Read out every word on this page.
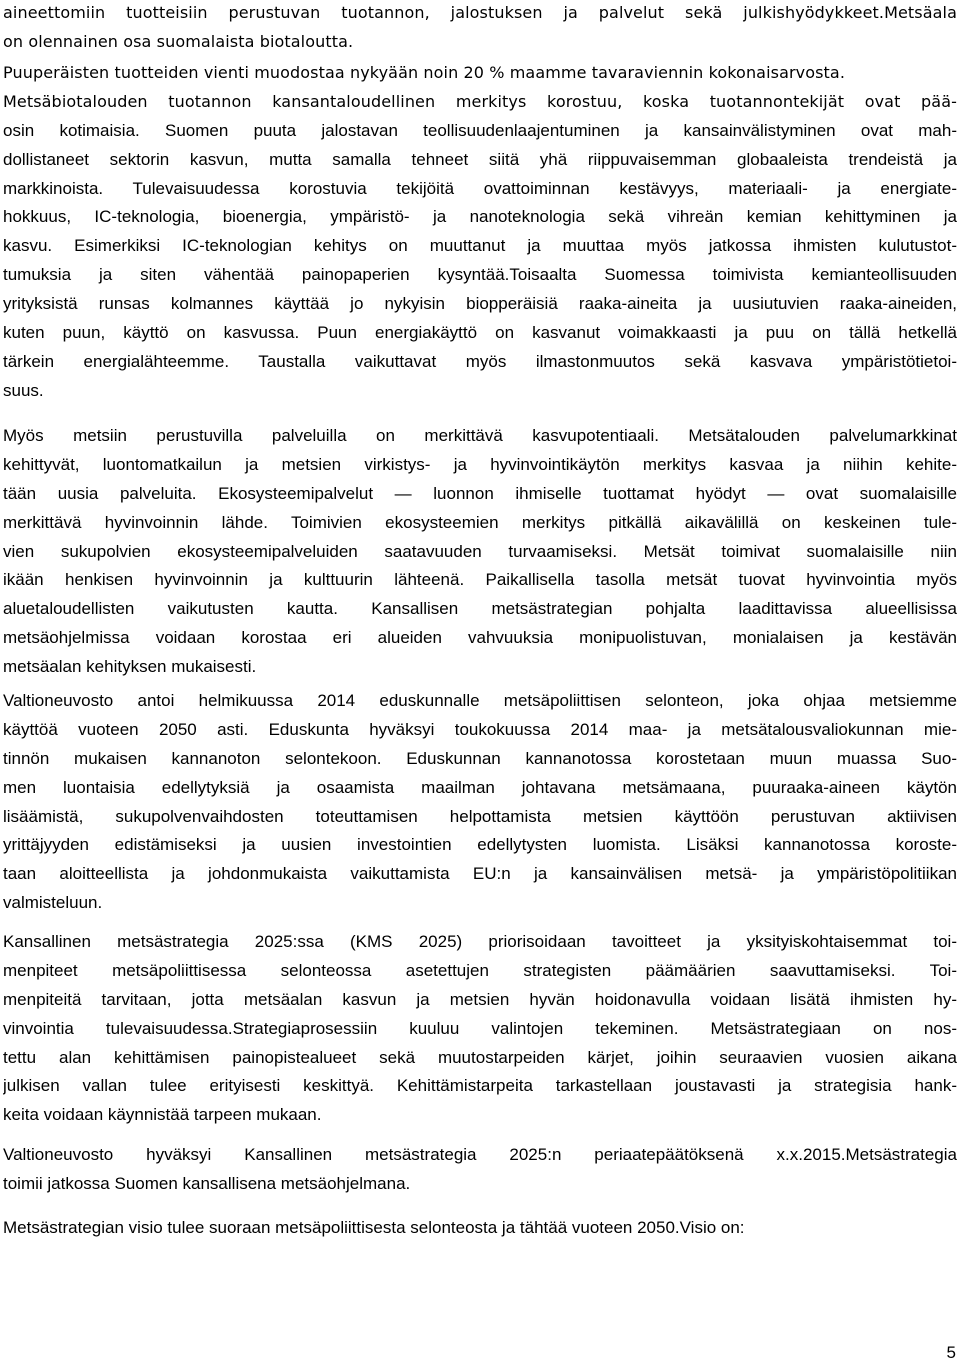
aineettomiin tuotteisiin perustuvan tuotannon, jalostuksen ja palvelut sekä julkishyödykkeet.Metsäala
on olennainen osa suomalaista biotaloutta.
Puuperäisten tuotteiden vienti muodostaa nykyään noin 20 % maamme tavaraviennin kokonaisarvosta.
Metsäbiotalouden tuotannon kansantaloudellinen merkitys korostuu, koska tuotannontekijät ovat pää-
osin kotimaisia. Suomen puuta jalostavan teollisuudenlaajentuminen ja kansainvälistyminen ovat mah-
dollistaneet sektorin kasvun, mutta samalla tehneet siitä yhä riippuvaisemman globaaleista trendeistä ja
markkinoista. Tulevaisuudessa korostuvia tekijöitä ovattoiminnan kestävyys, materiaali- ja energiate-
hokkuus, IC-teknologia, bioenergia, ympäristö- ja nanoteknologia sekä vihreän kemian kehittyminen ja
kasvu. Esimerkiksi IC-teknologian kehitys on muuttanut ja muuttaa myös jatkossa ihmisten kulutustot-
tumuksia ja siten vähentää painopaperien kysyntää.Toisaalta Suomessa toimivista kemianteollisuuden
yrityksistä runsas kolmannes käyttää jo nykyisin biopperäisiä raaka-aineita ja uusiutuvien raaka-aineiden,
kuten puun, käyttö on kasvussa. Puun energiakäyttö on kasvanut voimakkaasti ja puu on tällä hetkellä
tärkein energialähteemme. Taustalla vaikuttavat myös ilmastonmuutos sekä kasvava ympäristötietoi-
suus.
Myös metsiin perustuvilla palveluilla on merkittävä kasvupotentiaali. Metsätalouden palvelumarkkinat
kehittyvät, luontomatkailun ja metsien virkistys- ja hyvinvointikäytön merkitys kasvaa ja niihin kehite-
tään uusia palveluita. Ekosysteemipalvelut — luonnon ihmiselle tuottamat hyödyt — ovat suomalaisille
merkittävä hyvinvoinnin lähde. Toimivien ekosysteemien merkitys pitkällä aikavälillä on keskeinen tule-
vien sukupolvien ekosysteemipalveluiden saatavuuden turvaamiseksi. Metsät toimivat suomalaisille niin
ikään henkisen hyvinvoinnin ja kulttuurin lähteenä. Paikallisella tasolla metsät tuovat hyvinvointia myös
aluetaloudellisten vaikutusten kautta. Kansallisen metsästrategian pohjalta laadittavissa alueellisissa
metsäohjelmissa voidaan korostaa eri alueiden vahvuuksia monipuolistuvan, monialaisen ja kestävän
metsäalan kehityksen mukaisesti.
Valtioneuvosto antoi helmikuussa 2014 eduskunnalle metsäpoliittisen selonteon, joka ohjaa metsiemme
käyttöä vuoteen 2050 asti. Eduskunta hyväksyi toukokuussa 2014 maa- ja metsätalousvaliokunnan mie-
tinnön mukaisen kannanoton selontekoon. Eduskunnan kannanotossa korostetaan muun muassa Suo-
men luontaisia edellytyksiä ja osaamista maailman johtavana metsämaana, puuraaka-aineen käytön
lisäämistä, sukupolvenvaihdosten toteuttamisen helpottamista metsien käyttöön perustuvan aktiivisen
yrittäjyyden edistämiseksi ja uusien investointien edellytysten luomista. Lisäksi kannanotossa koroste-
taan aloitteellista ja johdonmukaista vaikuttamista EU:n ja kansainvälisen metsä- ja ympäristöpolitiikan
valmisteluun.
Kansallinen metsästrategia 2025:ssa (KMS 2025) priorisoidaan tavoitteet ja yksityiskohtaisemmat toi-
menpiteet metsäpoliittisessa selonteossa asetettujen strategisten päämäärien saavuttamiseksi. Toi-
menpiteitä tarvitaan, jotta metsäalan kasvun ja metsien hyvän hoidonavulla voidaan lisätä ihmisten hy-
vinvointia tulevaisuudessa.Strategiaprosessiin kuuluu valintojen tekeminen. Metsästrategiaan on nos-
tettu alan kehittämisen painopistealueet sekä muutostarpeiden kärjet, joihin seuraavien vuosien aikana
julkisen vallan tulee erityisesti keskittyä. Kehittämistarpeita tarkastellaan joustavasti ja strategisia hank-
keita voidaan käynnistää tarpeen mukaan.
Valtioneuvosto hyväksyi Kansallinen metsästrategia 2025:n periaatepäätöksenä x.x.2015.Metsästrategia
toimii jatkossa Suomen kansallisena metsäohjelmana.
Metsästrategian visio tulee suoraan metsäpoliittisesta selonteosta ja tähtää vuoteen 2050.Visio on:
5
